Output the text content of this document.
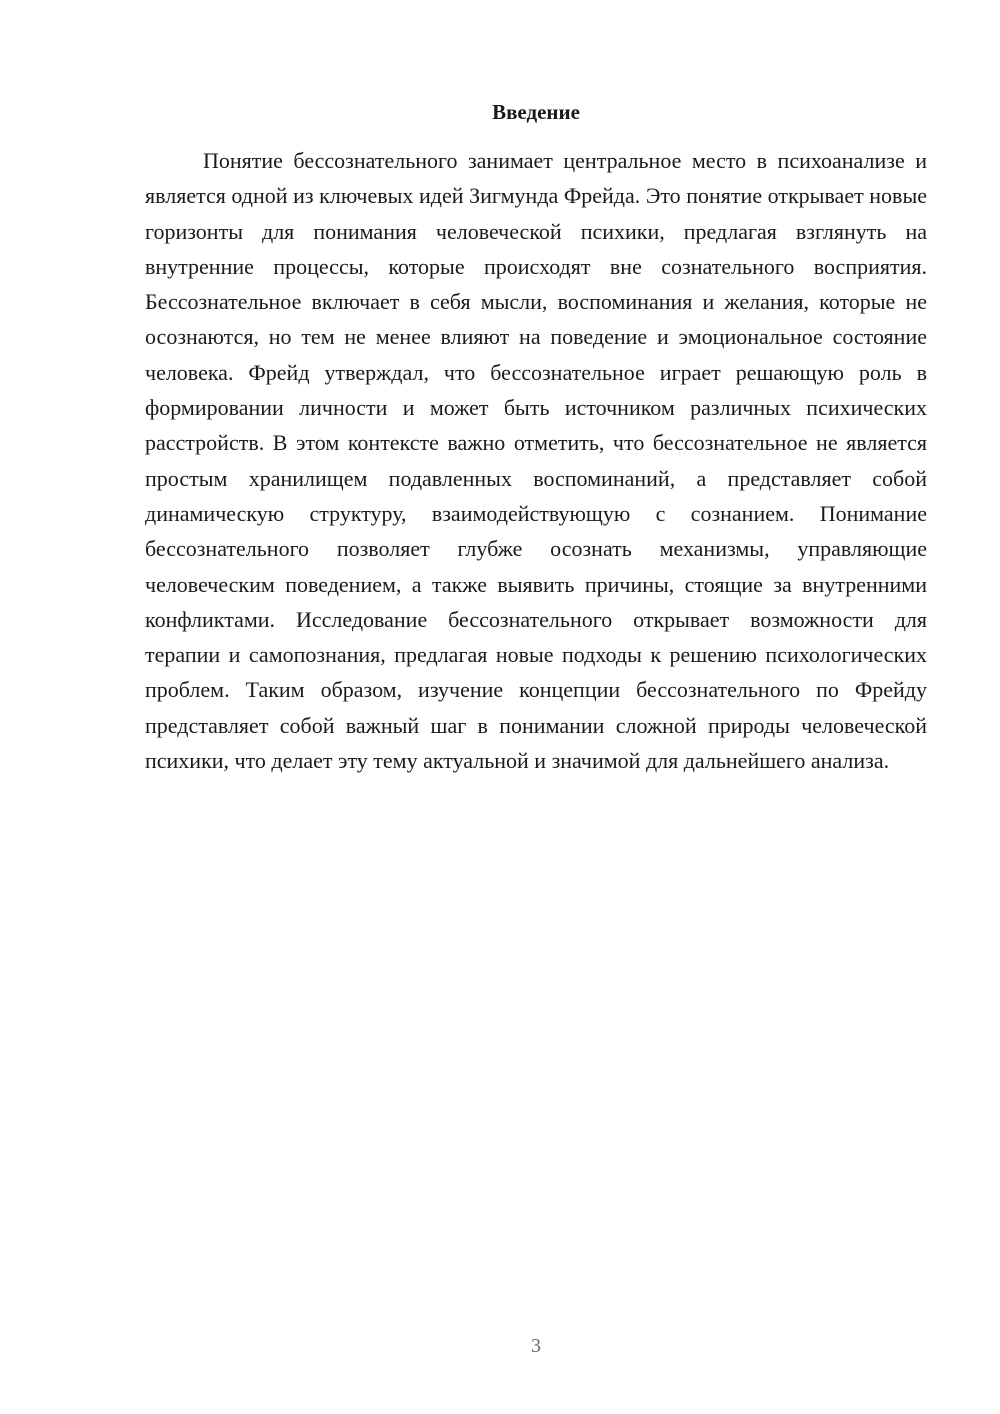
Введение

Понятие бессознательного занимает центральное место в психоанализе и является одной из ключевых идей Зигмунда Фрейда. Это понятие открывает новые горизонты для понимания человеческой психики, предлагая взглянуть на внутренние процессы, которые происходят вне сознательного восприятия. Бессознательное включает в себя мысли, воспоминания и желания, которые не осознаются, но тем не менее влияют на поведение и эмоциональное состояние человека. Фрейд утверждал, что бессознательное играет решающую роль в формировании личности и может быть источником различных психических расстройств. В этом контексте важно отметить, что бессознательное не является простым хранилищем подавленных воспоминаний, а представляет собой динамическую структуру, взаимодействующую с сознанием. Понимание бессознательного позволяет глубже осознать механизмы, управляющие человеческим поведением, а также выявить причины, стоящие за внутренними конфликтами. Исследование бессознательного открывает возможности для терапии и самопознания, предлагая новые подходы к решению психологических проблем. Таким образом, изучение концепции бессознательного по Фрейду представляет собой важный шаг в понимании сложной природы человеческой психики, что делает эту тему актуальной и значимой для дальнейшего анализа.

3
